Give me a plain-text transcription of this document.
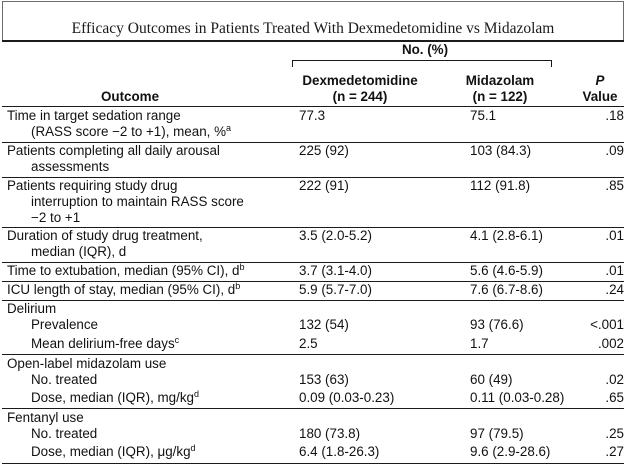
Efficacy Outcomes in Patients Treated With Dexmedetomidine vs Midazolam
No. (%)
Outcome
Dexmedetomidine
(n = 244)
Midazolam
(n = 122)
P
Value
Time in target sedation range
(RASS score −2 to +1), mean, %$^a$
77.3	75.1	.18
Patients completing all daily arousal
assessments
225 (92)	103 (84.3)	.09
Patients requiring study drug
interruption to maintain RASS score
−2 to +1
222 (91)	112 (91.8)	.85
Duration of study drug treatment,
median (IQR), d
3.5 (2.0-5.2)	4.1 (2.8-6.1)	.01
Time to extubation, median (95% CI), $d^b$	3.7 (3.1-4.0)	5.6 (4.6-5.9)	.01
ICU length of stay, median (95% CI), $d^b$	5.9 (5.7-7.0)	7.6 (6.7-8.6)	.24
Delirium
Prevalence	132 (54)	93 (76.6)	<.001
Mean delirium-free days$^c$	2.5	1.7	.002
Open-label midazolam use
No. treated	153 (63)	60 (49)	.02
Dose, median (IQR), $mg/kg^d$	0.09 (0.03-0.23)	0.11 (0.03-0.28)	.65
Fentanyl use
No. treated	180 (73.8)	97 (79.5)	.25
Dose, median (IQR), $\mu g/kg^d$	6.4 (1.8-26.3)	9.6 (2.9-28.6)	.27
